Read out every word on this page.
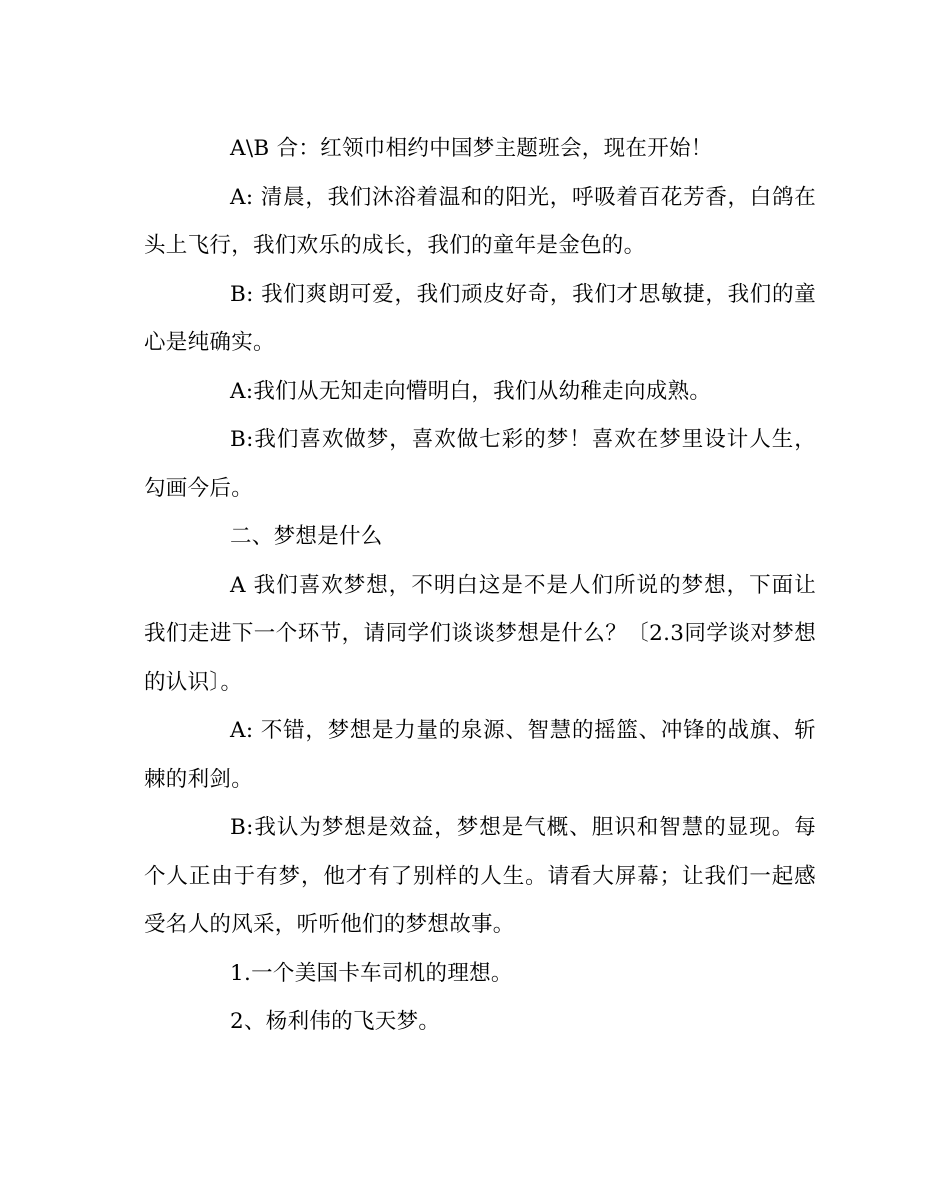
A\B 合：红领巾相约中国梦主题班会，现在开始！

A: 清晨，我们沐浴着温和的阳光，呼吸着百花芳香，白鸽在头上飞行，我们欢乐的成长，我们的童年是金色的。

B: 我们爽朗可爱，我们顽皮好奇，我们才思敏捷，我们的童心是纯确实。

A:我们从无知走向懵明白，我们从幼稚走向成熟。

B:我们喜欢做梦，喜欢做七彩的梦！喜欢在梦里设计人生，勾画今后。

二、梦想是什么

A 我们喜欢梦想，不明白这是不是人们所说的梦想，下面让我们走进下一个环节，请同学们谈谈梦想是什么？〔2.3同学谈对梦想的认识〕。

A: 不错，梦想是力量的泉源、智慧的摇篮、冲锋的战旗、斩棘的利剑。

B:我认为梦想是效益，梦想是气概、胆识和智慧的显现。每个人正由于有梦，他才有了别样的人生。请看大屏幕；让我们一起感受名人的风采，听听他们的梦想故事。

1.一个美国卡车司机的理想。

2、杨利伟的飞天梦。
